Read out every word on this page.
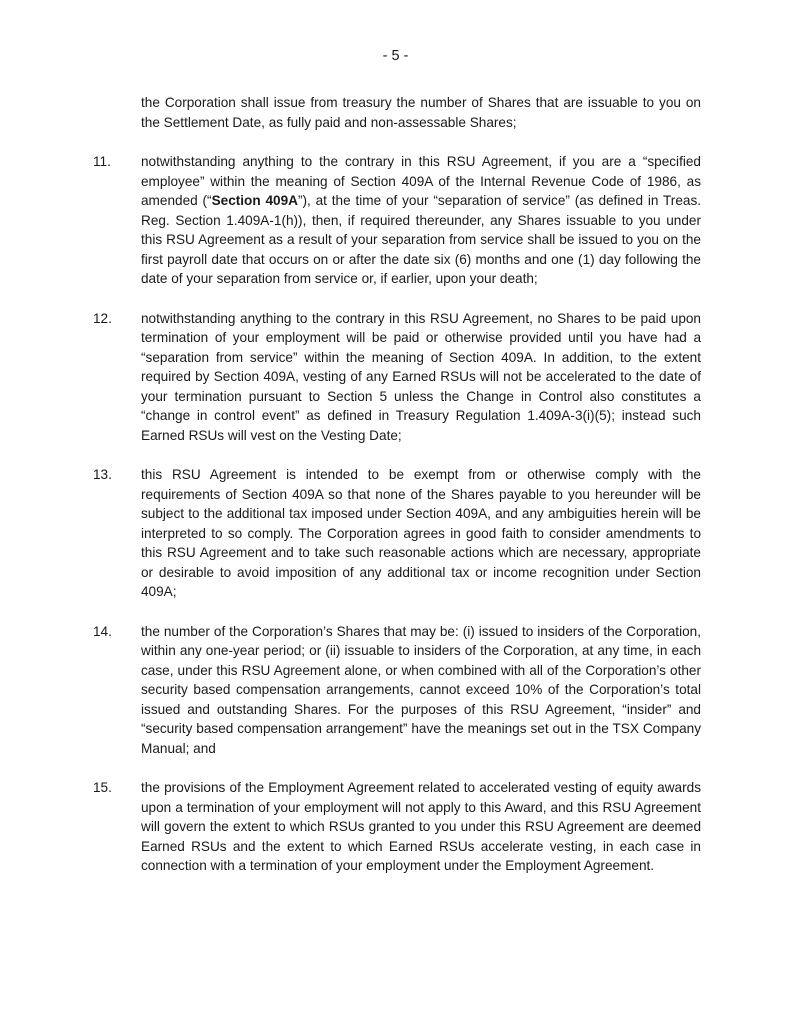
- 5 -
the Corporation shall issue from treasury the number of Shares that are issuable to you on the Settlement Date, as fully paid and non-assessable Shares;
11. notwithstanding anything to the contrary in this RSU Agreement, if you are a “specified employee” within the meaning of Section 409A of the Internal Revenue Code of 1986, as amended (“Section 409A”), at the time of your “separation of service” (as defined in Treas. Reg. Section 1.409A-1(h)), then, if required thereunder, any Shares issuable to you under this RSU Agreement as a result of your separation from service shall be issued to you on the first payroll date that occurs on or after the date six (6) months and one (1) day following the date of your separation from service or, if earlier, upon your death;
12. notwithstanding anything to the contrary in this RSU Agreement, no Shares to be paid upon termination of your employment will be paid or otherwise provided until you have had a “separation from service” within the meaning of Section 409A. In addition, to the extent required by Section 409A, vesting of any Earned RSUs will not be accelerated to the date of your termination pursuant to Section 5 unless the Change in Control also constitutes a “change in control event” as defined in Treasury Regulation 1.409A-3(i)(5); instead such Earned RSUs will vest on the Vesting Date;
13. this RSU Agreement is intended to be exempt from or otherwise comply with the requirements of Section 409A so that none of the Shares payable to you hereunder will be subject to the additional tax imposed under Section 409A, and any ambiguities herein will be interpreted to so comply. The Corporation agrees in good faith to consider amendments to this RSU Agreement and to take such reasonable actions which are necessary, appropriate or desirable to avoid imposition of any additional tax or income recognition under Section 409A;
14. the number of the Corporation’s Shares that may be: (i) issued to insiders of the Corporation, within any one-year period; or (ii) issuable to insiders of the Corporation, at any time, in each case, under this RSU Agreement alone, or when combined with all of the Corporation’s other security based compensation arrangements, cannot exceed 10% of the Corporation’s total issued and outstanding Shares. For the purposes of this RSU Agreement, “insider” and “security based compensation arrangement” have the meanings set out in the TSX Company Manual; and
15. the provisions of the Employment Agreement related to accelerated vesting of equity awards upon a termination of your employment will not apply to this Award, and this RSU Agreement will govern the extent to which RSUs granted to you under this RSU Agreement are deemed Earned RSUs and the extent to which Earned RSUs accelerate vesting, in each case in connection with a termination of your employment under the Employment Agreement.
